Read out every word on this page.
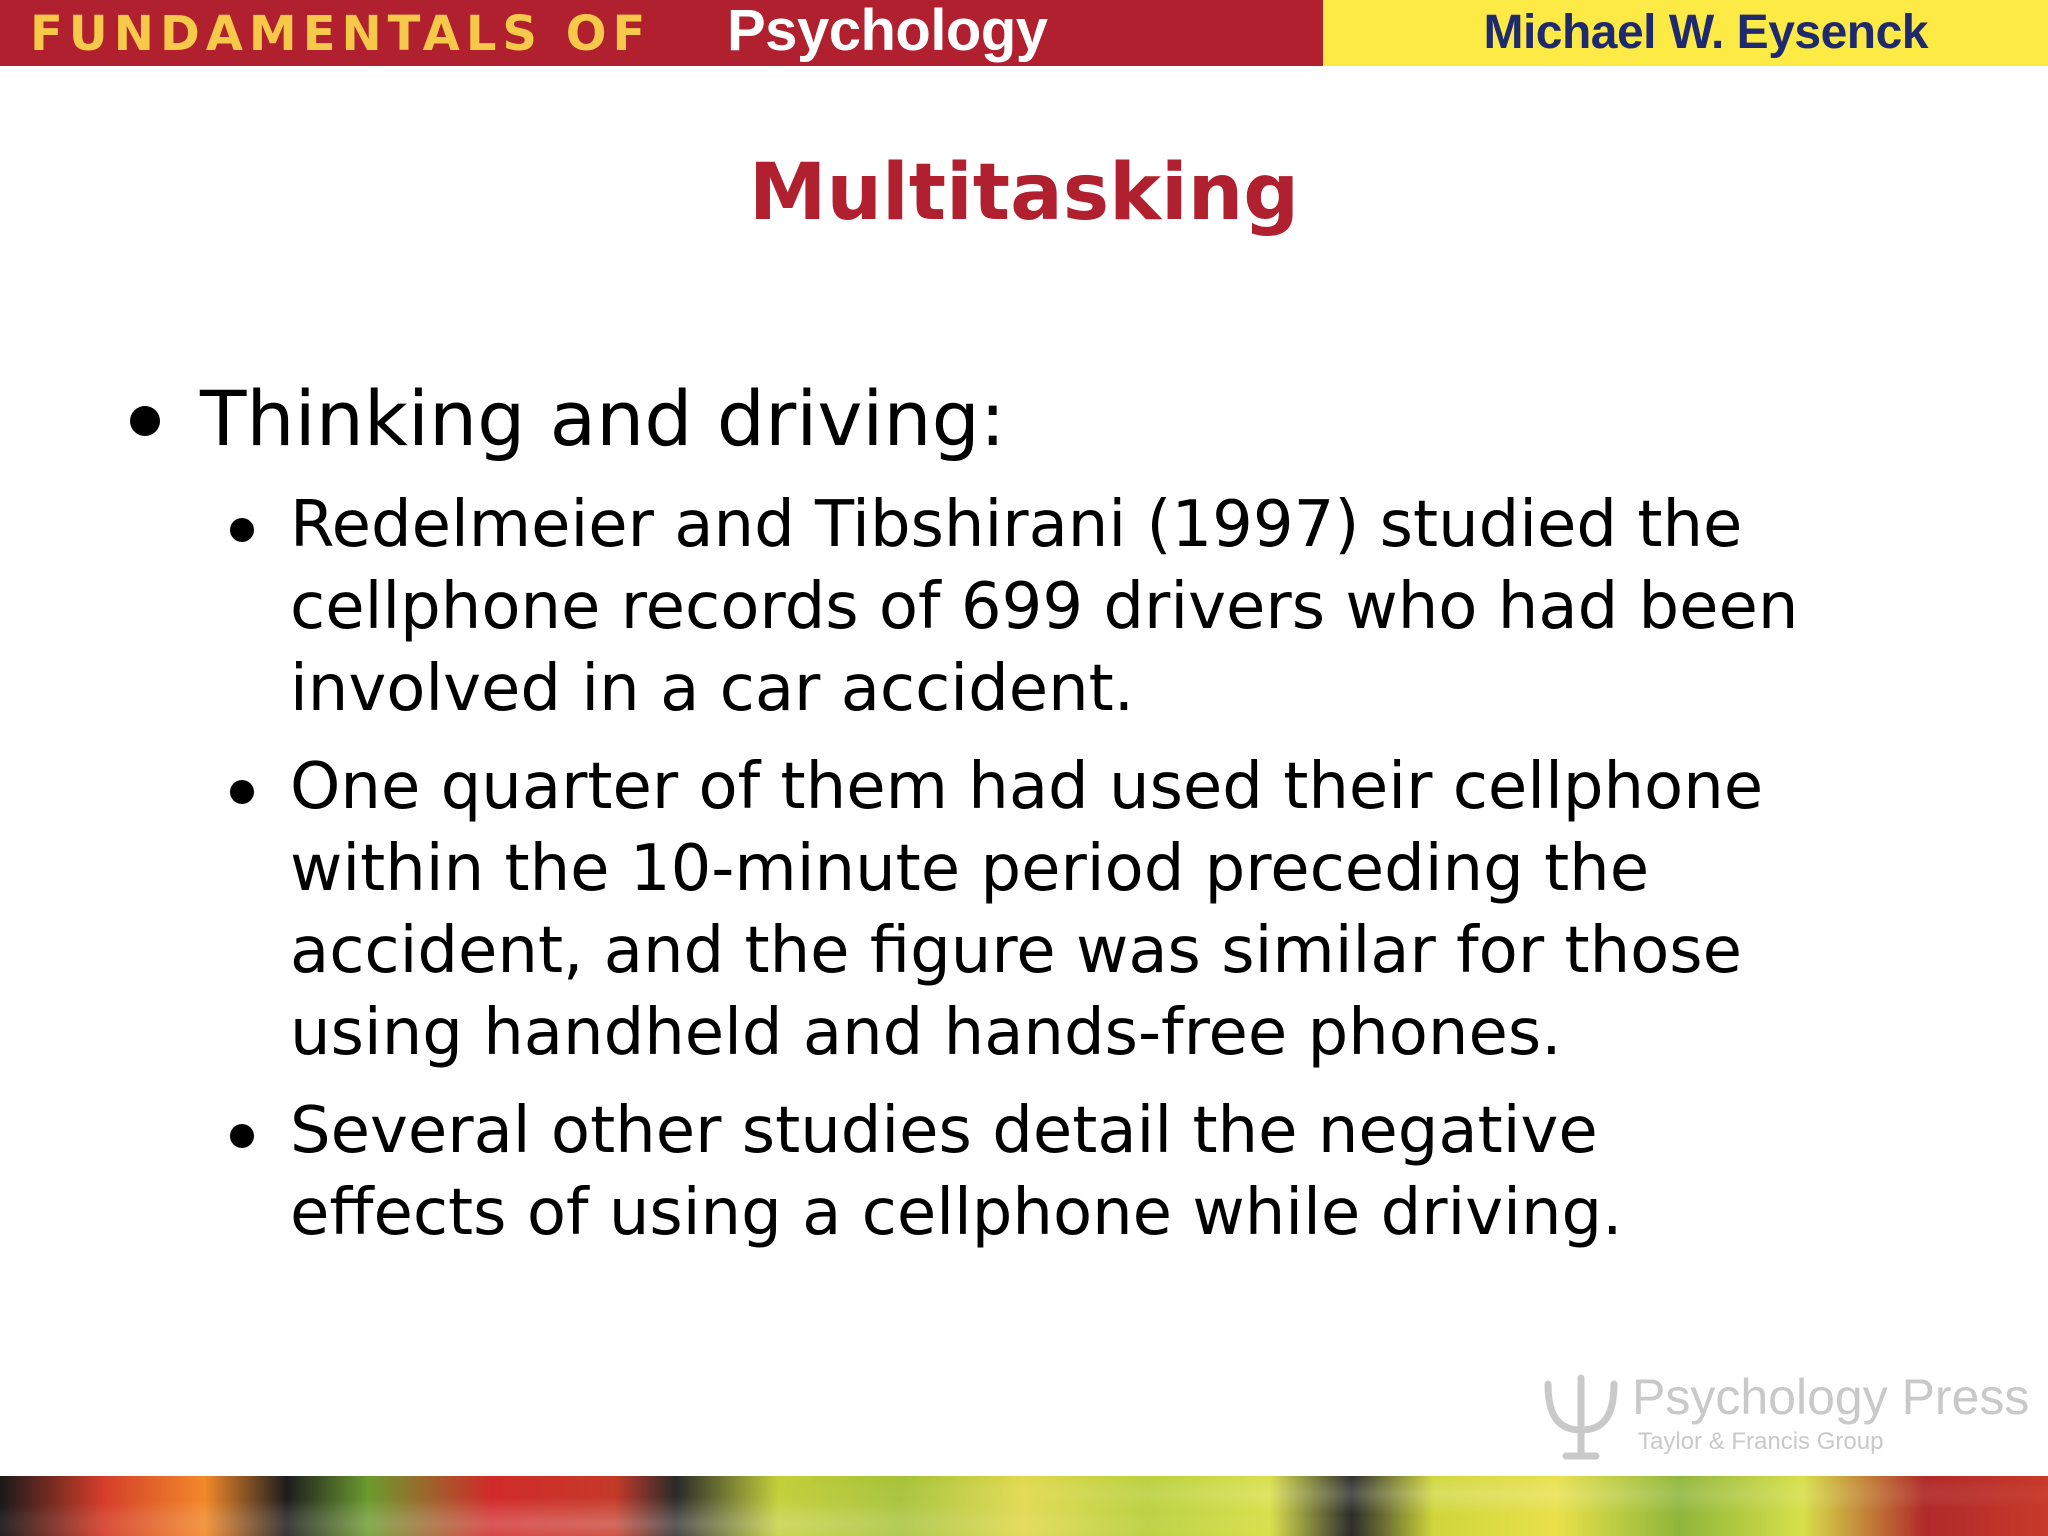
FUNDAMENTALS OF Psychology	Michael W. Eysenck
Multitasking
Thinking and driving:
Redelmeier and Tibshirani (1997) studied the
cellphone records of 699 drivers who had been
involved in a car accident.
One quarter of them had used their cellphone
within the 10-minute period preceding the
accident, and the figure was similar for those
using handheld and hands-free phones.
Several other studies detail the negative
effects of using a cellphone while driving.
Psychology Press
Taylor & Francis Group
